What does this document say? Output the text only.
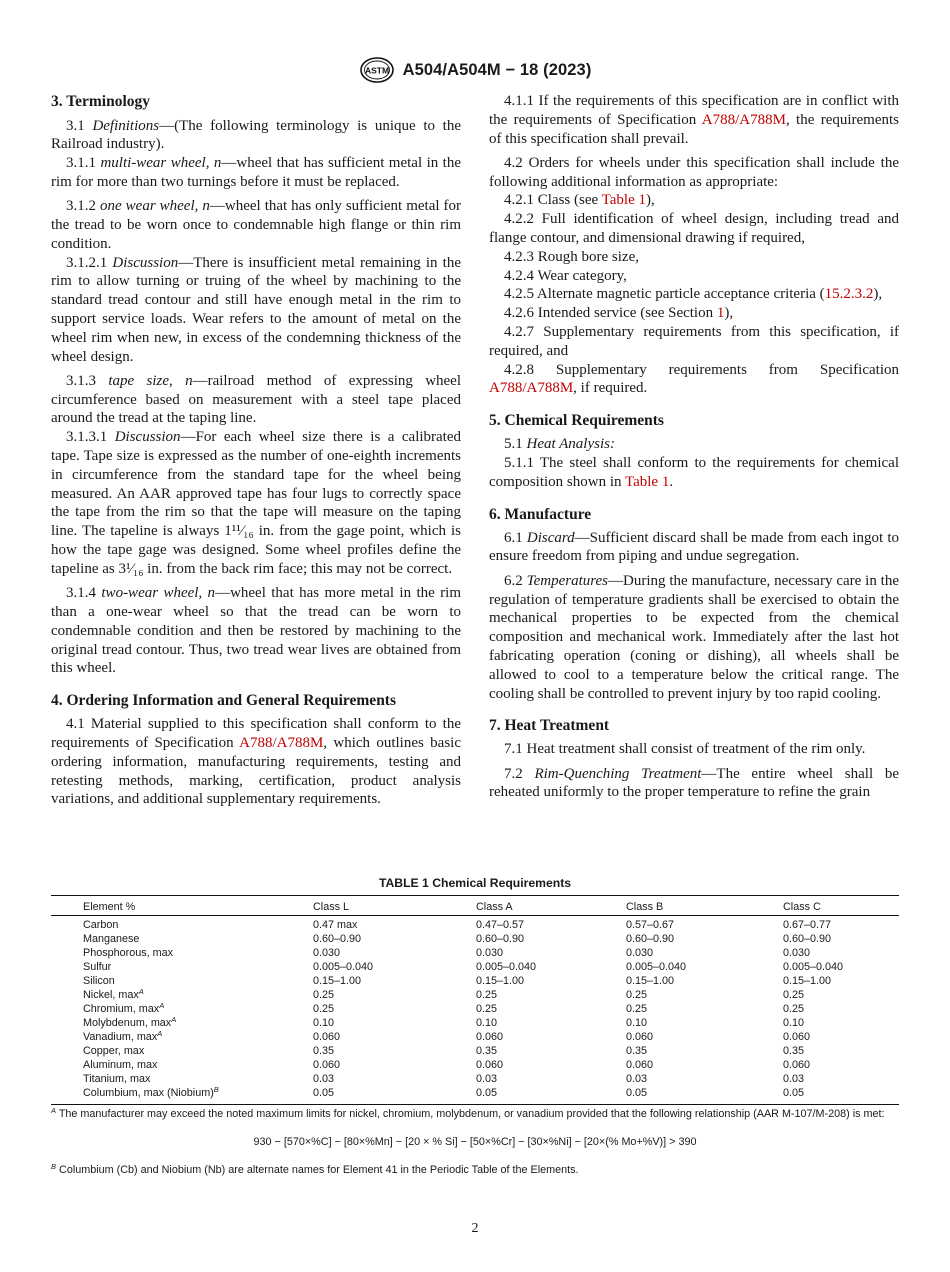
ASTM A504/A504M − 18 (2023)
3. Terminology

3.1 Definitions—(The following terminology is unique to the Railroad industry).

3.1.1 multi-wear wheel, n—wheel that has sufficient metal in the rim for more than two turnings before it must be replaced.

3.1.2 one wear wheel, n—wheel that has only sufficient metal for the tread to be worn once to condemnable high flange or thin rim condition.

3.1.2.1 Discussion—There is insufficient metal remaining in the rim to allow turning or truing of the wheel by machining to the standard tread contour and still have enough metal in the rim to support service loads. Wear refers to the amount of metal on the wheel rim when new, in excess of the condemning thickness of the wheel design.

3.1.3 tape size, n—railroad method of expressing wheel circumference based on measurement with a steel tape placed around the tread at the taping line.

3.1.3.1 Discussion—For each wheel size there is a calibrated tape. Tape size is expressed as the number of one-eighth increments in circumference from the standard tape for the wheel being measured. An AAR approved tape has four lugs to correctly space the tape from the rim so that the tape will measure on the taping line. The tapeline is always 1¹¹⁄₁₆ in. from the gage point, which is how the tape gage was designed. Some wheel profiles define the tapeline as 3¹⁄₁₆ in. from the back rim face; this may not be correct.

3.1.4 two-wear wheel, n—wheel that has more metal in the rim than a one-wear wheel so that the tread can be worn to condemnable condition and then be restored by machining to the original tread contour. Thus, two tread wear lives are obtained from this wheel.

4. Ordering Information and General Requirements

4.1 Material supplied to this specification shall conform to the requirements of Specification A788/A788M, which outlines basic ordering information, manufacturing requirements, testing and retesting methods, marking, certification, product analysis variations, and additional supplementary requirements.

4.1.1 If the requirements of this specification are in conflict with the requirements of Specification A788/A788M, the requirements of this specification shall prevail.

4.2 Orders for wheels under this specification shall include the following additional information as appropriate:

4.2.1 Class (see Table 1),

4.2.2 Full identification of wheel design, including tread and flange contour, and dimensional drawing if required,

4.2.3 Rough bore size,

4.2.4 Wear category,

4.2.5 Alternate magnetic particle acceptance criteria (15.2.3.2),

4.2.6 Intended service (see Section 1),

4.2.7 Supplementary requirements from this specification, if required, and

4.2.8 Supplementary requirements from Specification A788/A788M, if required.

5. Chemical Requirements

5.1 Heat Analysis:

5.1.1 The steel shall conform to the requirements for chemical composition shown in Table 1.

6. Manufacture

6.1 Discard—Sufficient discard shall be made from each ingot to ensure freedom from piping and undue segregation.

6.2 Temperatures—During the manufacture, necessary care in the regulation of temperature gradients shall be exercised to obtain the mechanical properties to be expected from the chemical composition and mechanical work. Immediately after the last hot fabricating operation (coning or dishing), all wheels shall be allowed to cool to a temperature below the critical range. The cooling shall be controlled to prevent injury by too rapid cooling.

7. Heat Treatment

7.1 Heat treatment shall consist of treatment of the rim only.

7.2 Rim-Quenching Treatment—The entire wheel shall be reheated uniformly to the proper temperature to refine the grain

TABLE 1 Chemical Requirements
Element %	Class L	Class A	Class B	Class C
Carbon	0.47 max	0.47–0.57	0.57–0.67	0.67–0.77
Manganese	0.60–0.90	0.60–0.90	0.60–0.90	0.60–0.90
Phosphorous, max	0.030	0.030	0.030	0.030
Sulfur	0.005–0.040	0.005–0.040	0.005–0.040	0.005–0.040
Silicon	0.15–1.00	0.15–1.00	0.15–1.00	0.15–1.00
Nickel, $\max^A$	0.25	0.25	0.25	0.25
Chromium, $\max^A$	0.25	0.25	0.25	0.25
Molybdenum, $\max^A$	0.10	0.10	0.10	0.10
Vanadium, $\max^A$	0.060	0.060	0.060	0.060
Copper, max	0.35	0.35	0.35	0.35
Aluminum, max	0.060	0.060	0.060	0.060
Titanium, max	0.03	0.03	0.03	0.03
Columbium, max (Niobium)$^B$	0.05	0.05	0.05	0.05
$^A$ The manufacturer may exceed the noted maximum limits for nickel, chromium, molybdenum, or vanadium provided that the following relationship (AAR M-107/M-208) is met:
930 − [570×%C] − [80×%Mn] − [20 × % Si] − [50×%Cr] − [30×%Ni] − [20×(% Mo+%V)] > 390
$^B$ Columbium (Cb) and Niobium (Nb) are alternate names for Element 41 in the Periodic Table of the Elements.
2
